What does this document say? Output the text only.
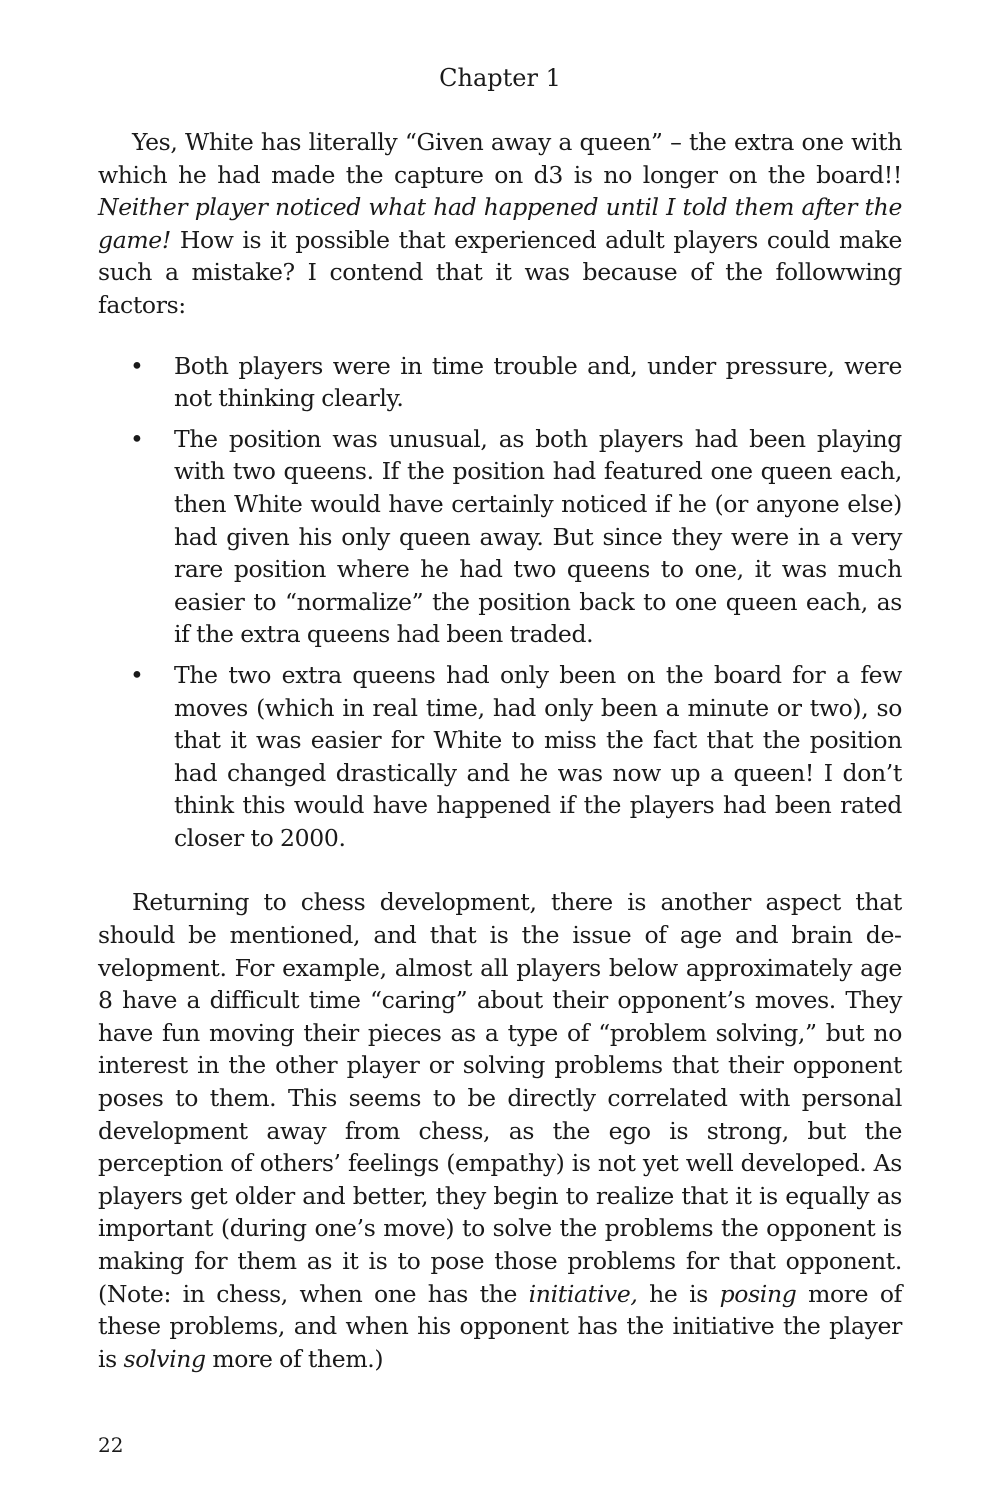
Chapter 1

Yes, White has literally “Given away a queen” – the extra one with which he had made the capture on d3 is no longer on the board!! Neither player noticed what had happened until I told them after the game! How is it possible that experienced adult players could make such a mistake? I contend that it was because of the followwing factors:

• Both players were in time trouble and, under pressure, were not thinking clearly.
• The position was unusual, as both players had been playing with two queens. If the position had featured one queen each, then White would have certainly noticed if he (or anyone else) had given his only queen away. But since they were in a very rare position where he had two queens to one, it was much easier to “normalize” the position back to one queen each, as if the extra queens had been traded.
• The two extra queens had only been on the board for a few moves (which in real time, had only been a minute or two), so that it was easier for White to miss the fact that the position had changed drastically and he was now up a queen! I don’t think this would have happened if the players had been rated closer to 2000.

Returning to chess development, there is another aspect that should be mentioned, and that is the issue of age and brain development. For example, almost all players below approximately age 8 have a difficult time “caring” about their opponent’s moves. They have fun moving their pieces as a type of “problem solving,” but no interest in the other player or solving problems that their opponent poses to them. This seems to be directly correlated with personal development away from chess, as the ego is strong, but the perception of others’ feelings (empathy) is not yet well developed. As players get older and better, they begin to realize that it is equally as important (during one’s move) to solve the problems the opponent is making for them as it is to pose those problems for that opponent. (Note: in chess, when one has the initiative, he is posing more of these problems, and when his opponent has the initiative the player is solving more of them.)

22
